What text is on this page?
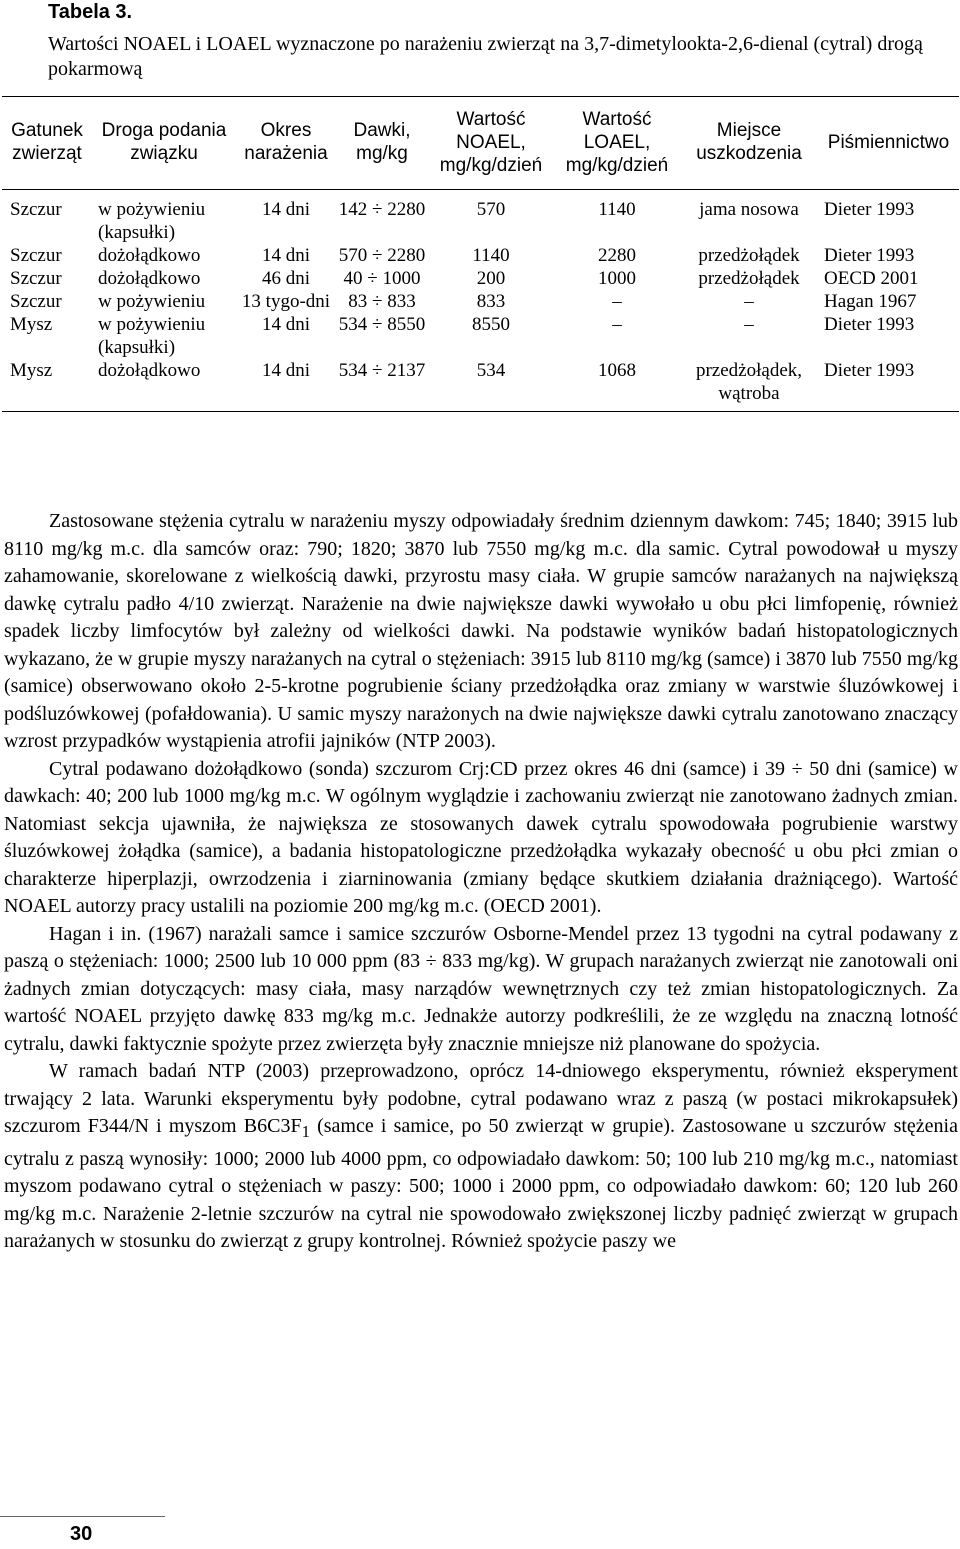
Tabela 3.
Wartości NOAEL i LOAEL wyznaczone po narażeniu zwierząt na 3,7-dimetylookta-2,6-dienal (cytral) drogą pokarmową
Gatunek zwierząt	Droga podania związku	Okres narażenia	Dawki, mg/kg	Wartość NOAEL, mg/kg/dzień	Wartość LOAEL, mg/kg/dzień	Miejsce uszkodzenia	Piśmiennictwo
Szczur	w pożywieniu (kapsułki)	14 dni	142 ÷ 2280	570	1140	jama nosowa	Dieter 1993
Szczur	dożołądkowo	14 dni	570 ÷ 2280	1140	2280	przedżołądek	Dieter 1993
Szczur	dożołądkowo	46 dni	40 ÷ 1000	200	1000	przedżołądek	OECD 2001
Szczur	w pożywieniu	13 tygo-dni	83 ÷ 833	833	–	–	Hagan 1967
Mysz	w pożywieniu (kapsułki)	14 dni	534 ÷ 8550	8550	–	–	Dieter 1993
Mysz	dożołądkowo	14 dni	534 ÷ 2137	534	1068	przedżołądek, wątroba	Dieter 1993

Zastosowane stężenia cytralu w narażeniu myszy odpowiadały średnim dziennym dawkom: 745; 1840; 3915 lub 8110 mg/kg m.c. dla samców oraz: 790; 1820; 3870 lub 7550 mg/kg m.c. dla samic. Cytral powodował u myszy zahamowanie, skorelowane z wielkością dawki, przyrostu masy ciała. W grupie samców narażanych na największą dawkę cytralu padło 4/10 zwierząt. Narażenie na dwie największe dawki wywołało u obu płci limfopenię, również spadek liczby limfocytów był zależny od wielkości dawki. Na podstawie wyników badań histopatologicznych wykazano, że w grupie myszy narażanych na cytral o stężeniach: 3915 lub 8110 mg/kg (samce) i 3870 lub 7550 mg/kg (samice) obserwowano około 2-5-krotne pogrubienie ściany przedżołądka oraz zmiany w warstwie śluzówkowej i podśluzówkowej (pofałdowania). U samic myszy narażonych na dwie największe dawki cytralu zanotowano znaczący wzrost przypadków wystąpienia atrofii jajników (NTP 2003).

Cytral podawano dożołądkowo (sonda) szczurom Crj:CD przez okres 46 dni (samce) i 39 ÷ 50 dni (samice) w dawkach: 40; 200 lub 1000 mg/kg m.c. W ogólnym wyglądzie i zachowaniu zwierząt nie zanotowano żadnych zmian. Natomiast sekcja ujawniła, że największa ze stosowanych dawek cytralu spowodowała pogrubienie warstwy śluzówkowej żołądka (samice), a badania histopatologiczne przedżołądka wykazały obecność u obu płci zmian o charakterze hiperplazji, owrzodzenia i ziarninowania (zmiany będące skutkiem działania drażniącego). Wartość NOAEL autorzy pracy ustalili na poziomie 200 mg/kg m.c. (OECD 2001).

Hagan i in. (1967) narażali samce i samice szczurów Osborne-Mendel przez 13 tygodni na cytral podawany z paszą o stężeniach: 1000; 2500 lub 10 000 ppm (83 ÷ 833 mg/kg). W grupach narażanych zwierząt nie zanotowali oni żadnych zmian dotyczących: masy ciała, masy narządów wewnętrznych czy też zmian histopatologicznych. Za wartość NOAEL przyjęto dawkę 833 mg/kg m.c. Jednakże autorzy podkreślili, że ze względu na znaczną lotność cytralu, dawki faktycznie spożyte przez zwierzęta były znacznie mniejsze niż planowane do spożycia.

W ramach badań NTP (2003) przeprowadzono, oprócz 14-dniowego eksperymentu, również eksperyment trwający 2 lata. Warunki eksperymentu były podobne, cytral podawano wraz z paszą (w postaci mikrokapsułek) szczurom F344/N i myszom $B6C3F_1$ (samce i samice, po 50 zwierząt w grupie). Zastosowane u szczurów stężenia cytralu z paszą wynosiły: 1000; 2000 lub 4000 ppm, co odpowiadało dawkom: 50; 100 lub 210 mg/kg m.c., natomiast myszom podawano cytral o stężeniach w paszy: 500; 1000 i 2000 ppm, co odpowiadało dawkom: 60; 120 lub 260 mg/kg m.c. Narażenie 2-letnie szczurów na cytral nie spowodowało zwiększonej liczby padnięć zwierząt w grupach narażanych w stosunku do zwierząt z grupy kontrolnej. Również spożycie paszy we

30
